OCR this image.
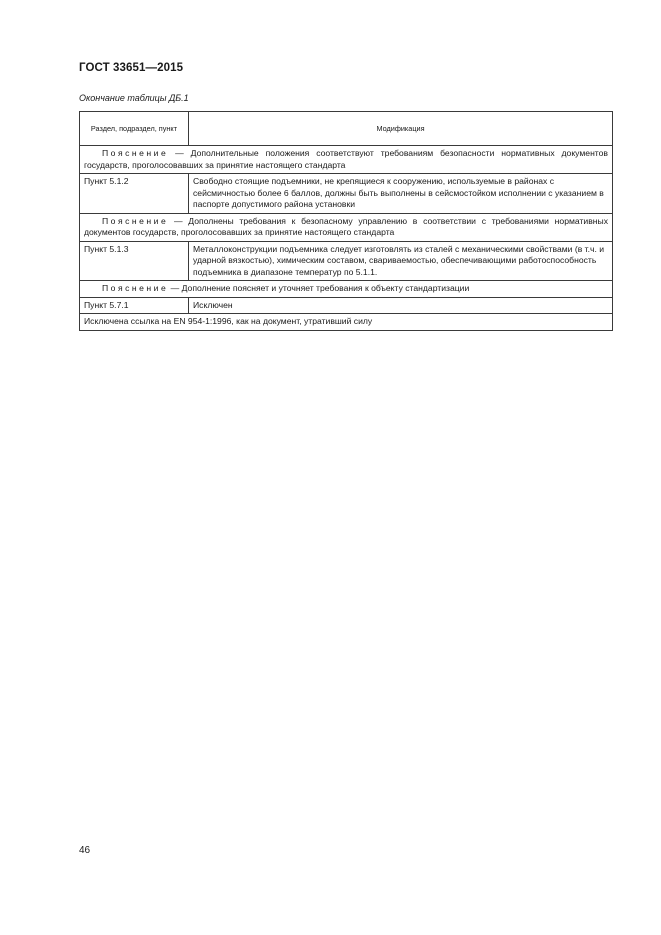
ГОСТ 33651—2015
Окончание таблицы ДБ.1
Раздел, подраздел, пункт	Модификация
Пояснение — Дополнительные положения соответствуют требованиям безопасности нормативных документов государств, проголосовавших за принятие настоящего стандарта	
Пункт 5.1.2	Свободно стоящие подъемники, не крепящиеся к сооружению, используемые в районах с сейсмичностью более 6 баллов, должны быть выполнены в сейсмостойком исполнении с указанием в паспорте допустимого района установки
Пояснение — Дополнены требования к безопасному управлению в соответствии с требованиями нормативных документов государств, проголосовавших за принятие настоящего стандарта	
Пункт 5.1.3	Металлоконструкции подъемника следует изготовлять из сталей с механическими свойствами (в т.ч. и ударной вязкостью), химическим составом, свариваемостью, обеспечивающими работоспособность подъемника в диапазоне температур по 5.1.1.
Пояснение — Дополнение поясняет и уточняет требования к объекту стандартизации	
Пункт 5.7.1	Исключен
Исключена ссылка на EN 954-1:1996, как на документ, утративший силу	
46
